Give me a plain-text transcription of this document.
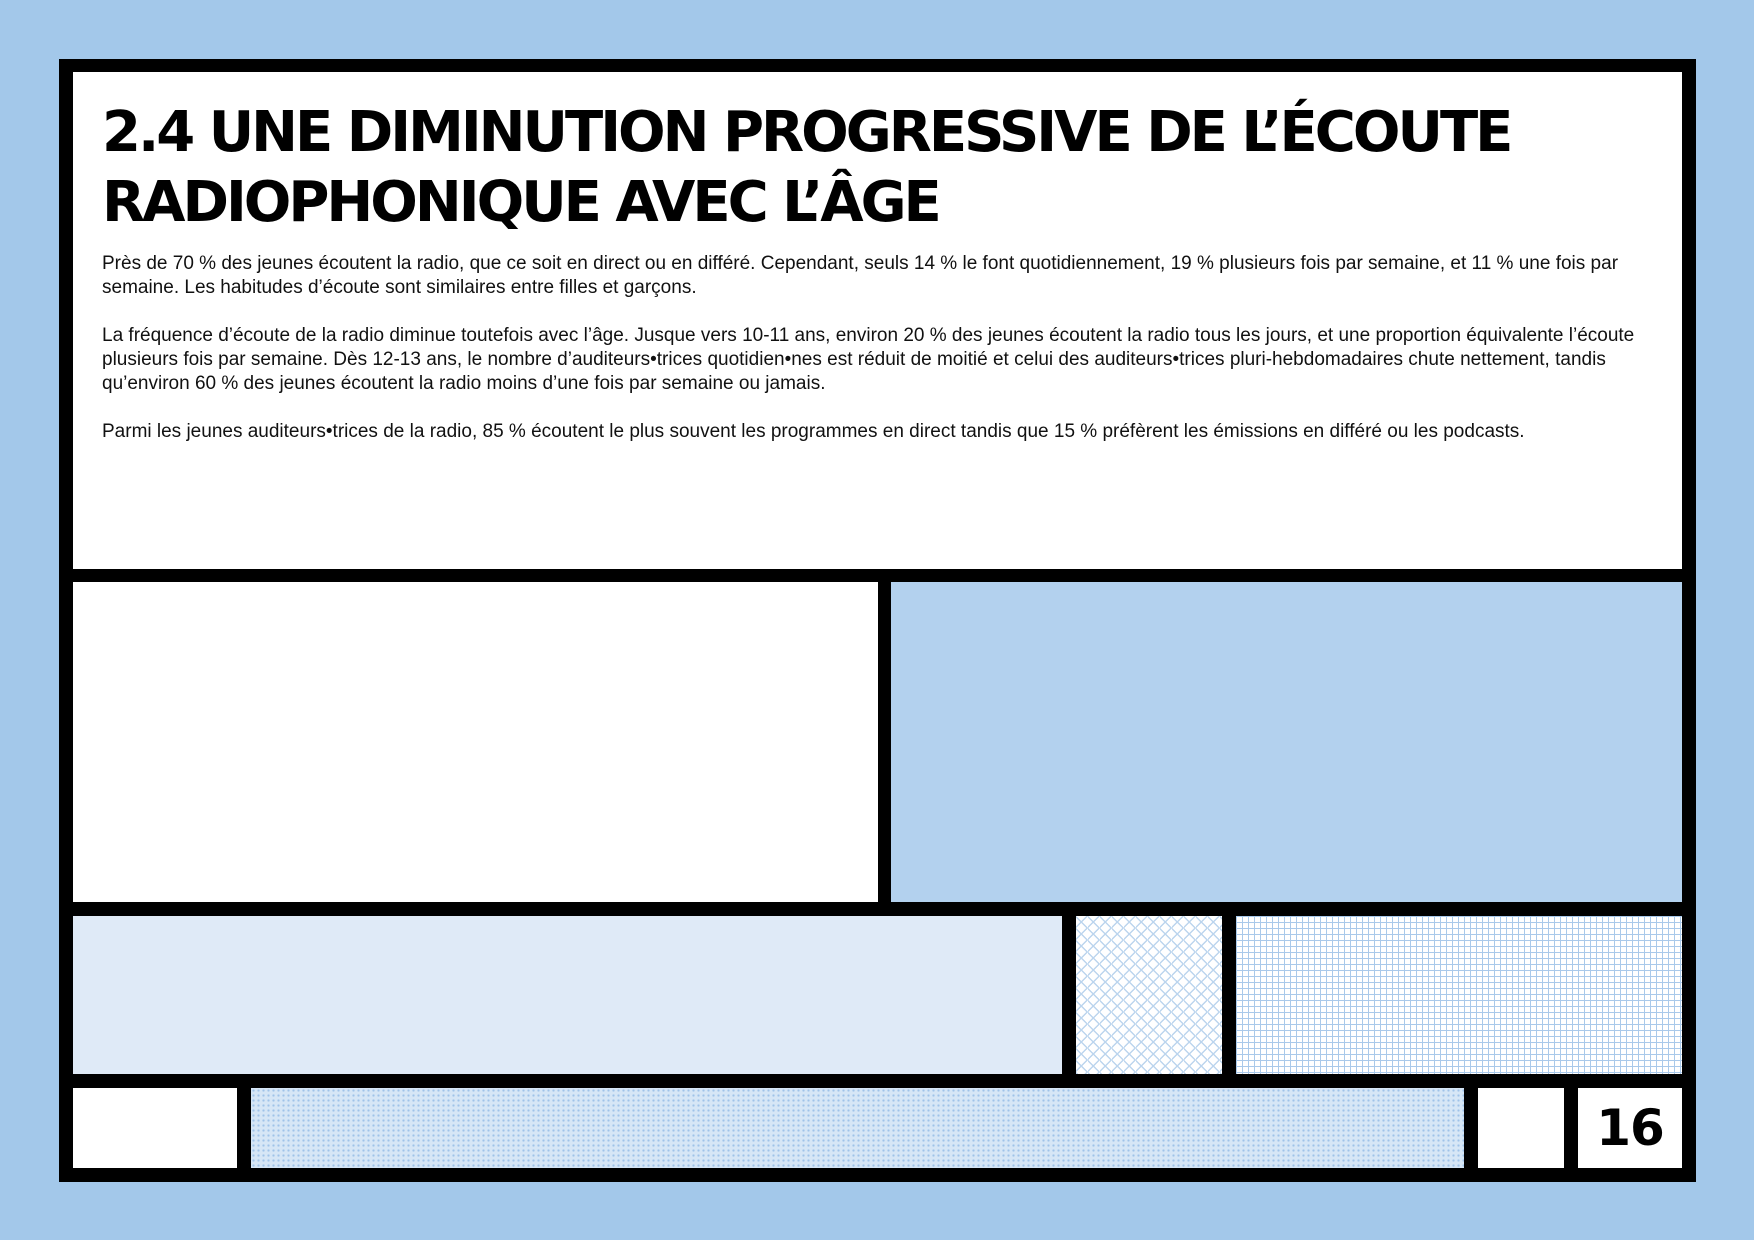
2.4 UNE DIMINUTION PROGRESSIVE DE L’ÉCOUTE
RADIOPHONIQUE AVEC L’ÂGE

Près de 70 % des jeunes écoutent la radio, que ce soit en direct ou en différé. Cependant, seuls 14 % le font quotidiennement, 19 % plusieurs fois par semaine, et 11 % une fois par semaine. Les habitudes d’écoute sont similaires entre filles et garçons.

La fréquence d’écoute de la radio diminue toutefois avec l’âge. Jusque vers 10-11 ans, environ 20 % des jeunes écoutent la radio tous les jours, et une proportion équivalente l’écoute plusieurs fois par semaine. Dès 12-13 ans, le nombre d’auditeurs•trices quotidien•nes est réduit de moitié et celui des auditeurs•trices pluri-hebdomadaires chute nettement, tandis qu’environ 60 % des jeunes écoutent la radio moins d’une fois par semaine ou jamais.

Parmi les jeunes auditeurs•trices de la radio, 85 % écoutent le plus souvent les programmes en direct tandis que 15 % préfèrent les émissions en différé ou les podcasts.

16
